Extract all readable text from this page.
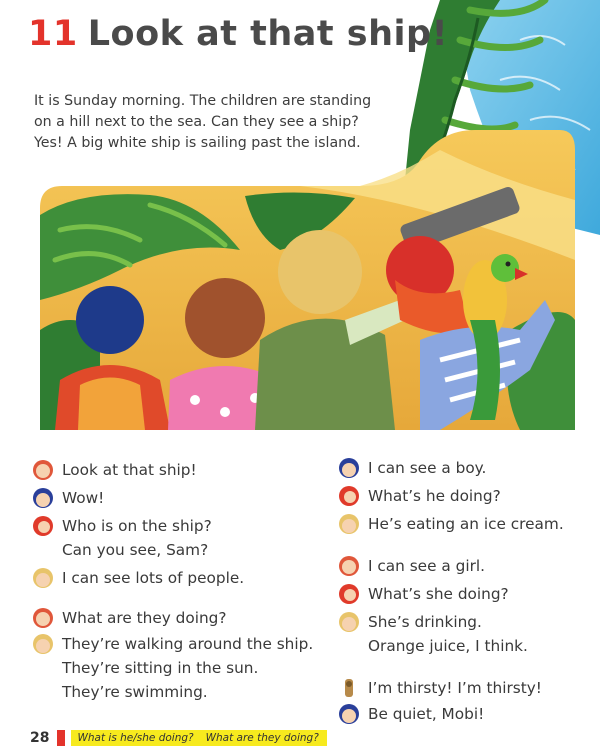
11 Look at that ship!
It is Sunday morning. The children are standing
on a hill next to the sea. Can they see a ship?
Yes! A big white ship is sailing past the island.
Look at that ship!
Wow!
Who is on the ship?
Can you see, Sam?
I can see lots of people.
What are they doing?
They’re walking around the ship.
They’re sitting in the sun.
They’re swimming.
I can see a boy.
What’s he doing?
He’s eating an ice cream.
I can see a girl.
What’s she doing?
She’s drinking.
Orange juice, I think.
I’m thirsty! I’m thirsty!
Be quiet, Mobi!
28	What is he/she doing? What are they doing?
